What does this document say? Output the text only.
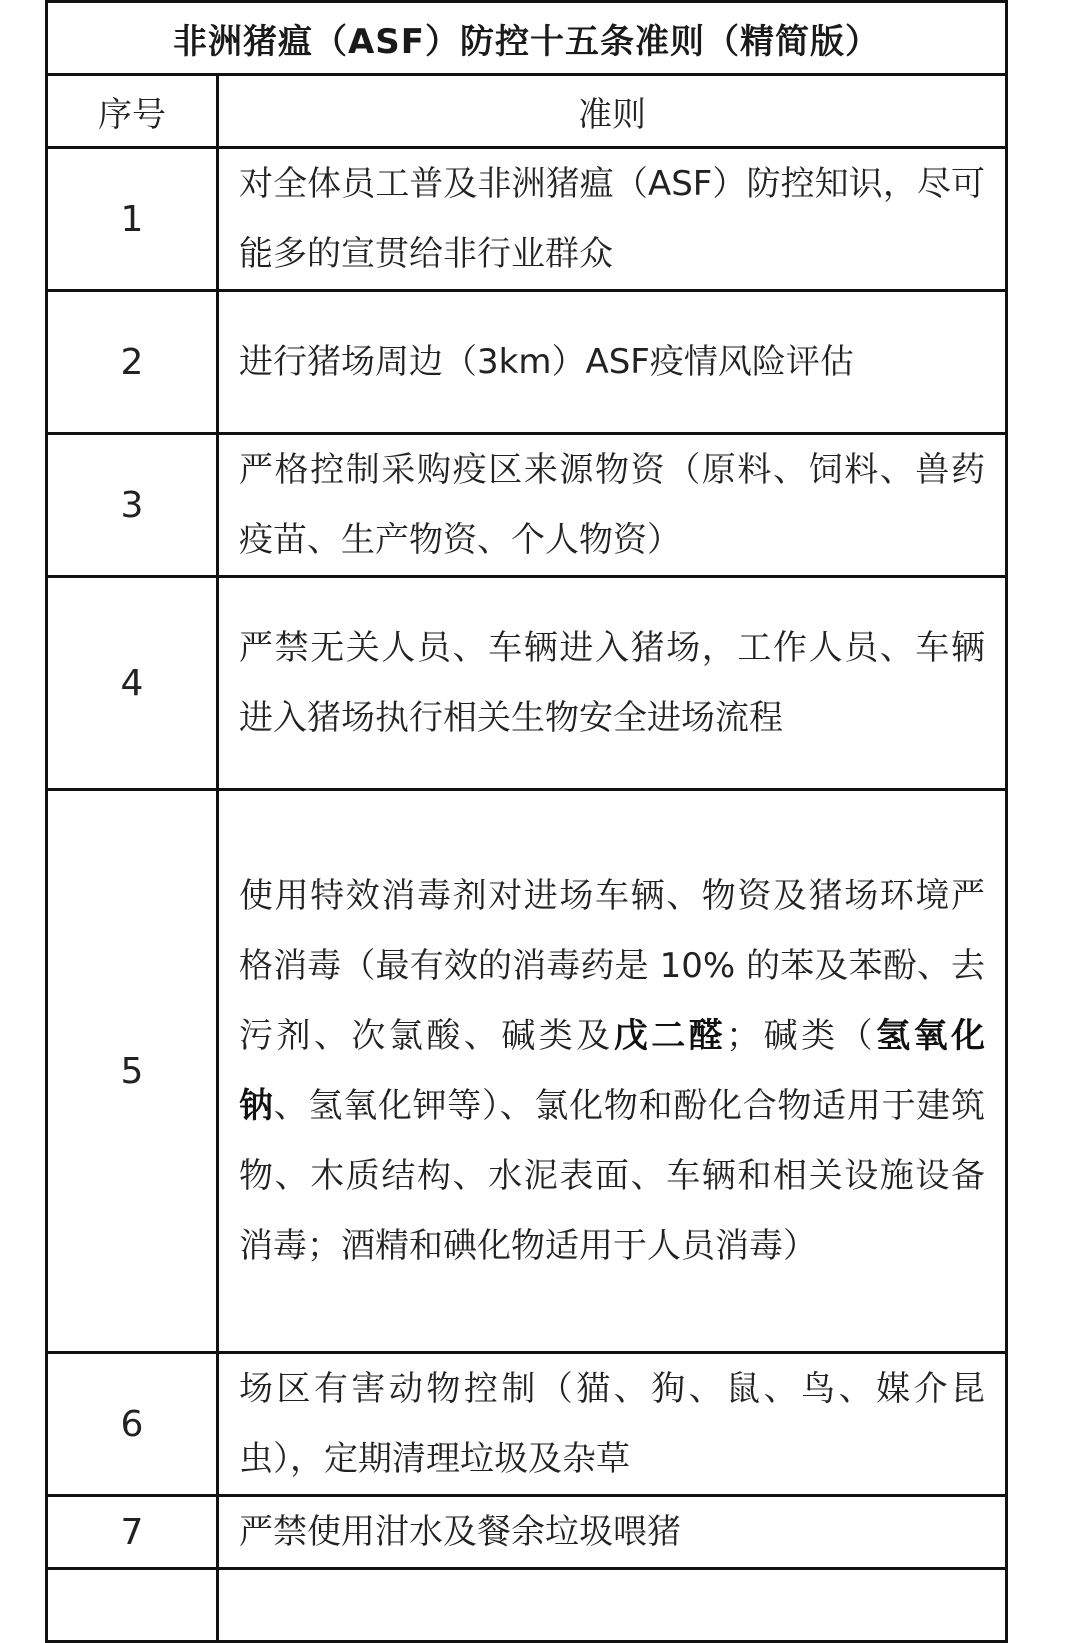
非洲猪瘟（ASF）防控十五条准则（精简版）	
序号	准则
1	对全体员工普及非洲猪瘟（ASF）防控知识，尽可能多的宣贯给非行业群众
2	进行猪场周边（3km）ASF疫情风险评估
3	严格控制采购疫区来源物资（原料、饲料、兽药疫苗、生产物资、个人物资）
4	严禁无关人员、车辆进入猪场，工作人员、车辆进入猪场执行相关生物安全进场流程
5	使用特效消毒剂对进场车辆、物资及猪场环境严格消毒（最有效的消毒药是 10% 的苯及苯酚、去污剂、次氯酸、碱类及戊二醛；碱类（氢氧化钠、氢氧化钾等）、氯化物和酚化合物适用于建筑物、木质结构、水泥表面、车辆和相关设施设备消毒；酒精和碘化物适用于人员消毒）
6	场区有害动物控制（猫、狗、鼠、鸟、媒介昆虫），定期清理垃圾及杂草
7	严禁使用泔水及餐余垃圾喂猪
